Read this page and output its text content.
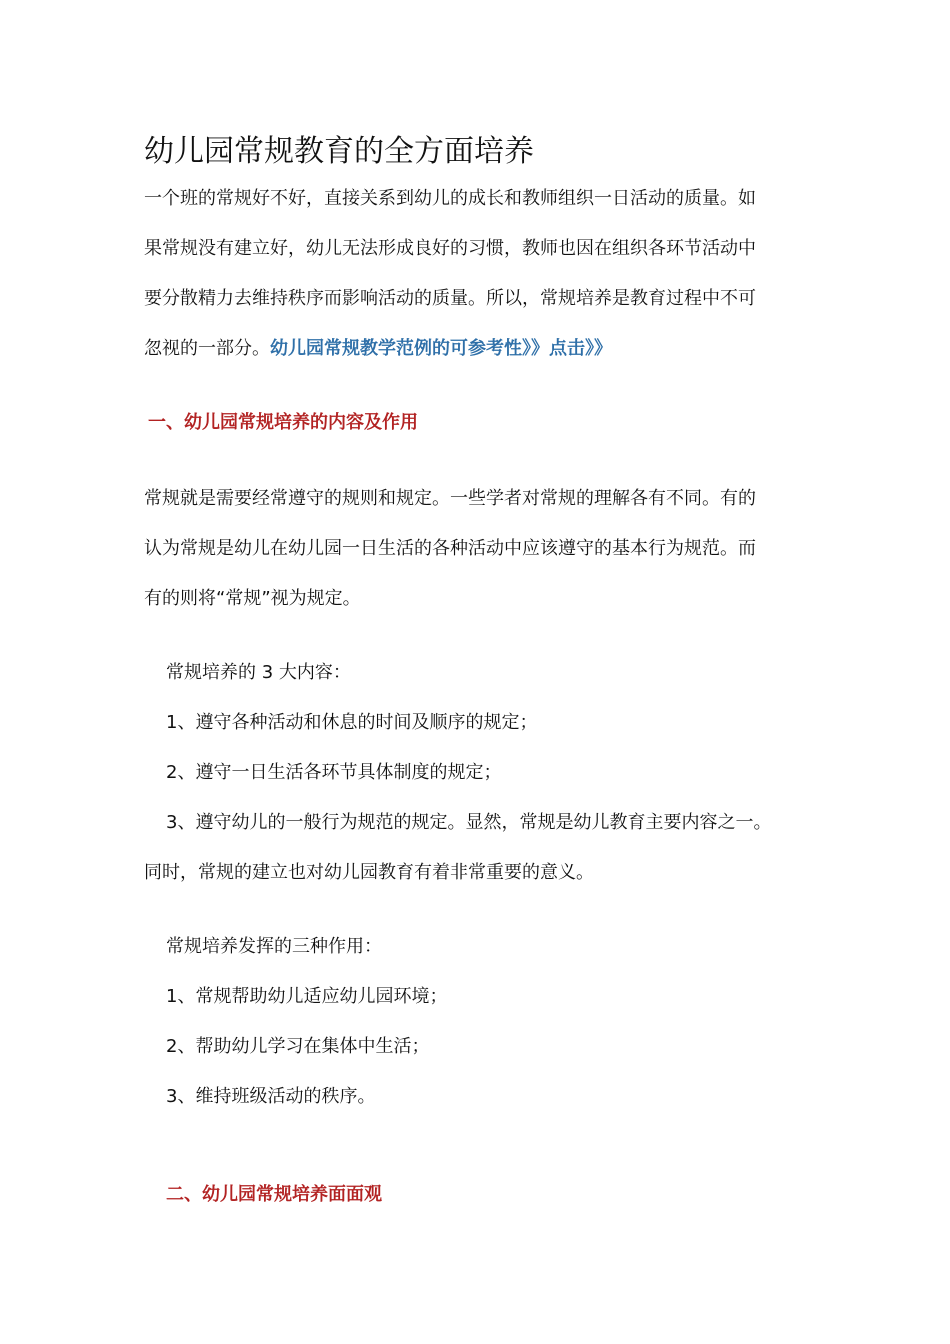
幼儿园常规教育的全方面培养
一个班的常规好不好，直接关系到幼儿的成长和教师组织一日活动的质量。如
果常规没有建立好，幼儿无法形成良好的习惯，教师也因在组织各环节活动中
要分散精力去维持秩序而影响活动的质量。所以，常规培养是教育过程中不可
忽视的一部分。幼儿园常规教学范例的可参考性》》点击》》
一、幼儿园常规培养的内容及作用
常规就是需要经常遵守的规则和规定。一些学者对常规的理解各有不同。有的
认为常规是幼儿在幼儿园一日生活的各种活动中应该遵守的基本行为规范。而
有的则将“常规”视为规定。
常规培养的 3 大内容：
1、遵守各种活动和休息的时间及顺序的规定；
2、遵守一日生活各环节具体制度的规定；
3、遵守幼儿的一般行为规范的规定。显然，常规是幼儿教育主要内容之一。
同时，常规的建立也对幼儿园教育有着非常重要的意义。
常规培养发挥的三种作用：
1、常规帮助幼儿适应幼儿园环境；
2、帮助幼儿学习在集体中生活；
3、维持班级活动的秩序。
二、幼儿园常规培养面面观
